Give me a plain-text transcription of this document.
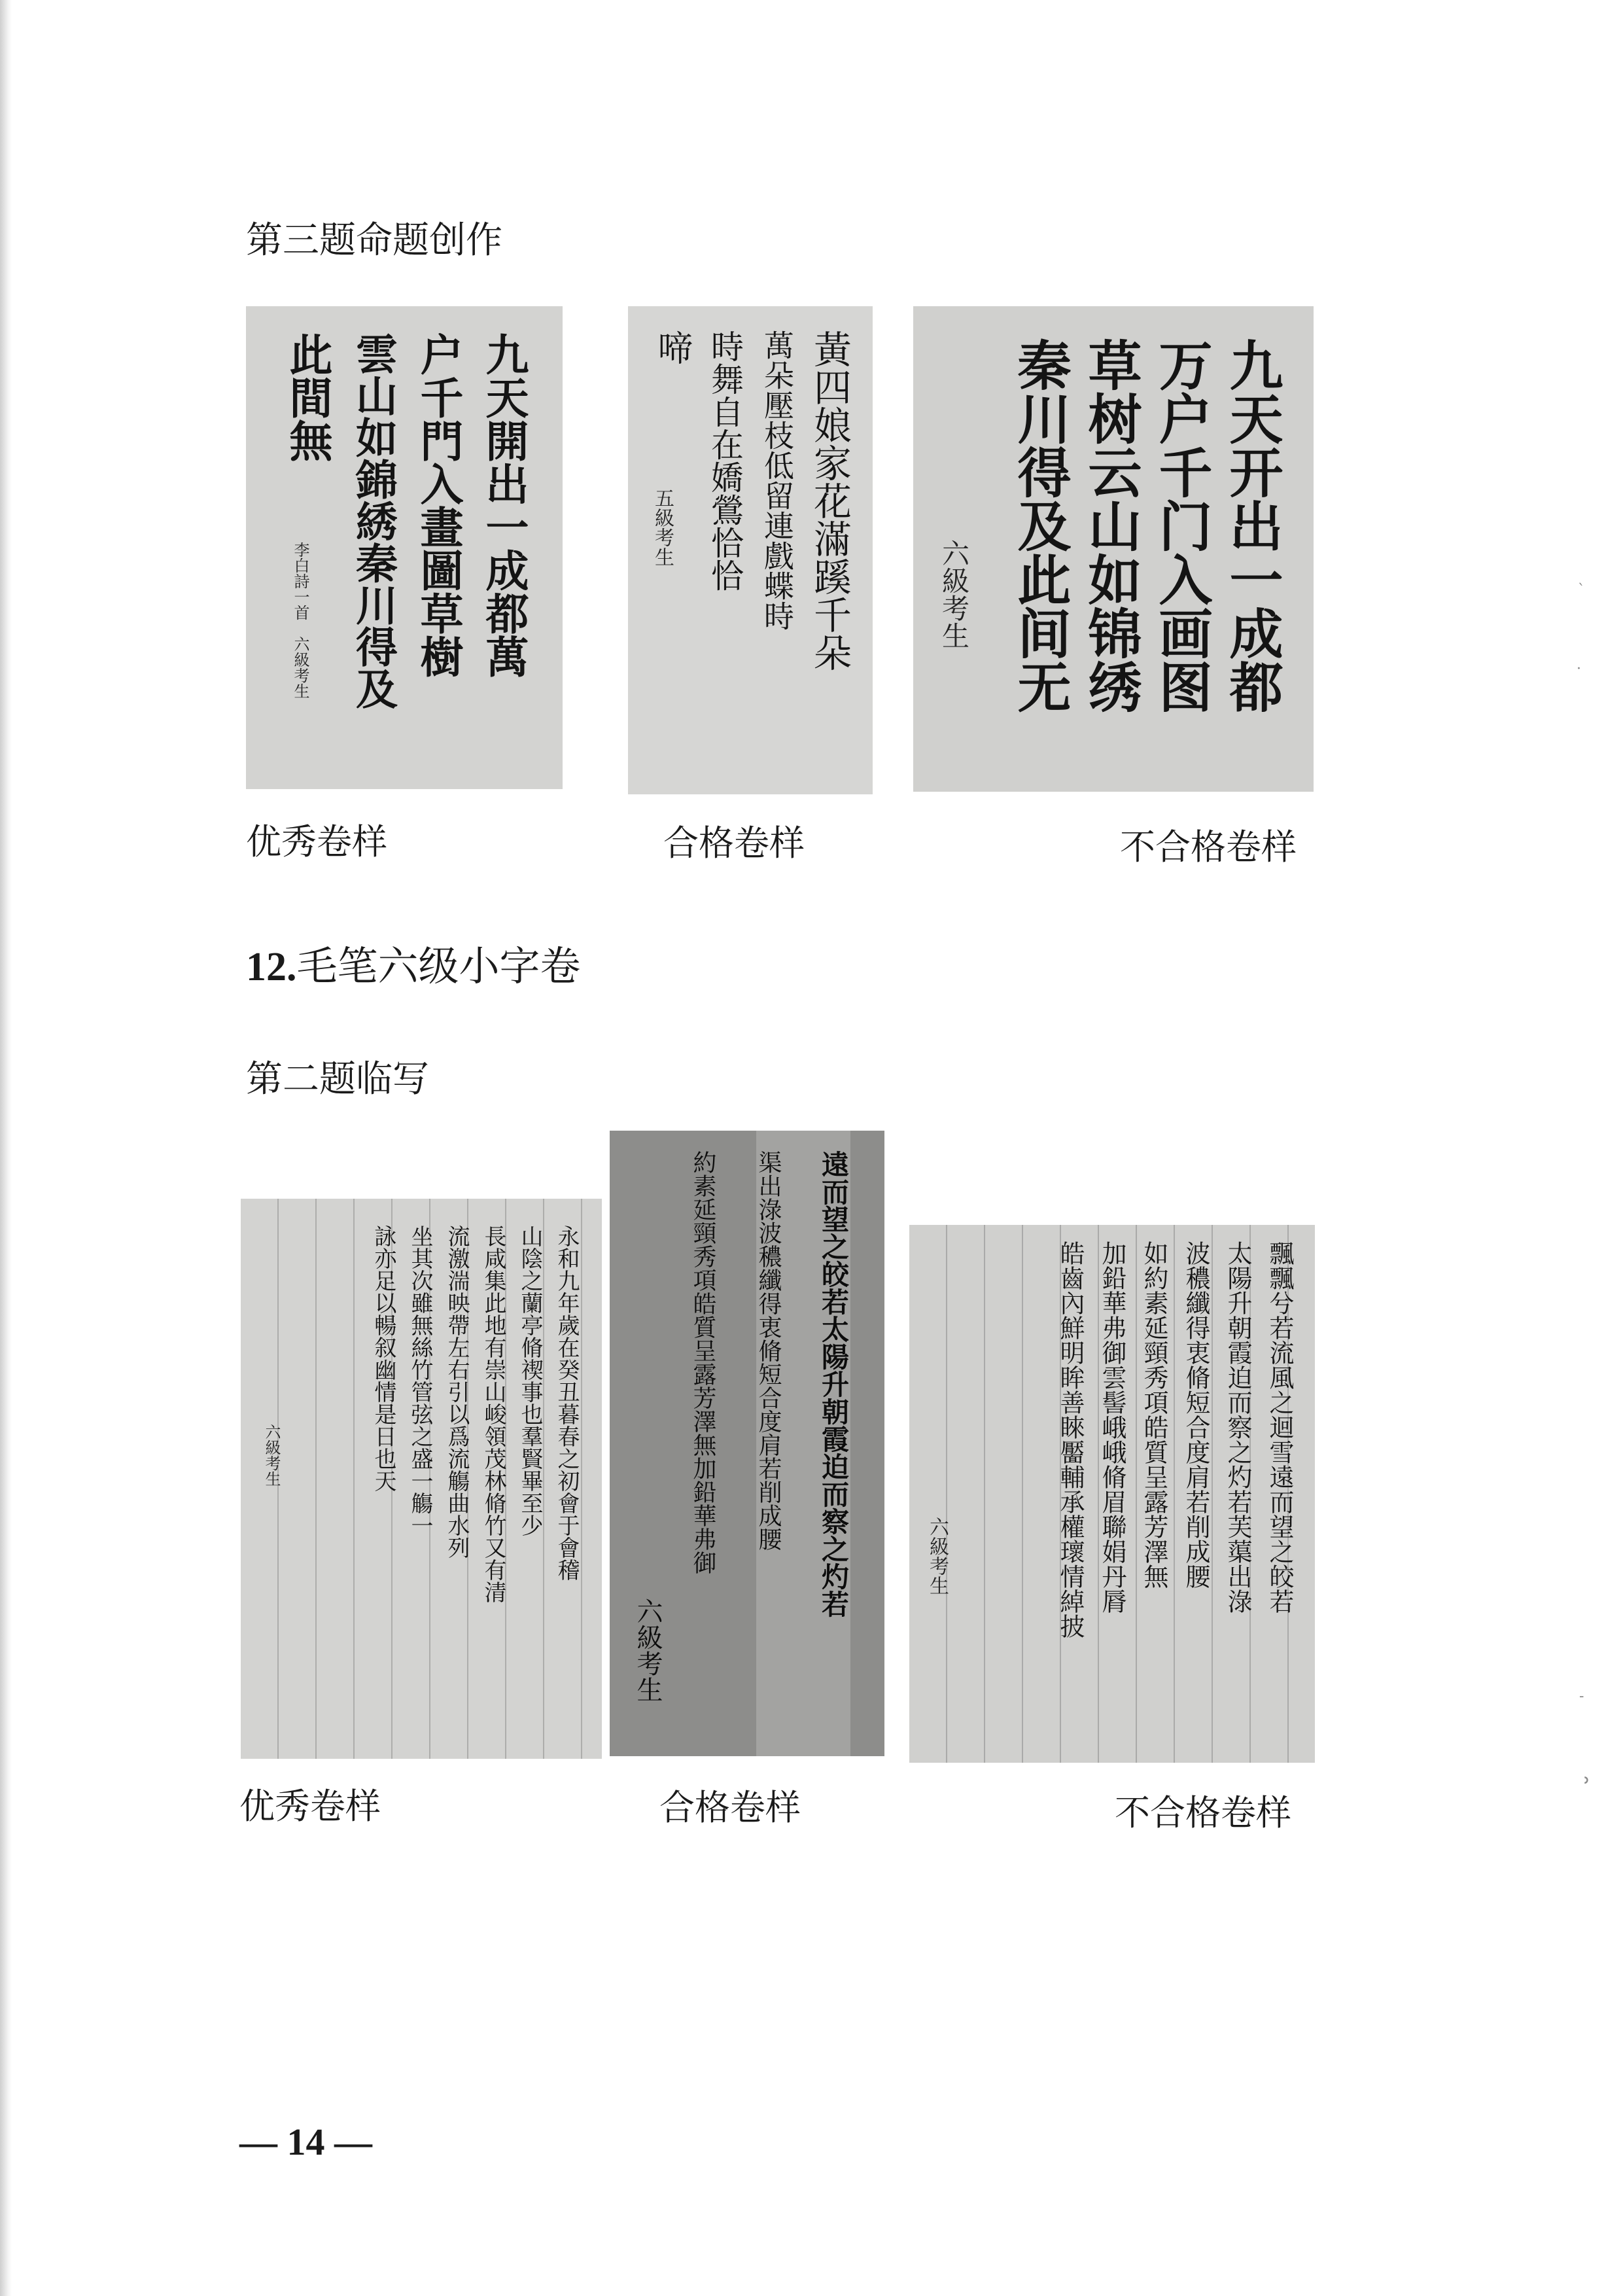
第三题命题创作
九天開出一成都萬
户千門入畫圖草樹
雲山如錦綉秦川得及
此間無
李白詩一首　六級考生	黃四娘家花滿蹊千朵
萬朵壓枝低留連戲蝶時
時舞自在嬌鶯恰恰
啼
五級考生	九天开出一成都
万户千门入画图
草树云山如锦绣
秦川得及此间无
六級考生
优秀卷样	合格卷样	不合格卷样
12.毛笔六级小字卷
第二题临写
永和九年歲在癸丑暮春之初會于會稽
山陰之蘭亭脩禊事也羣賢畢至少
長咸集此地有崇山峻領茂林脩竹又有清
流激湍映帶左右引以爲流觴曲水列
坐其次雖無絲竹管弦之盛一觴一
詠亦足以暢叙幽情是日也天
六級考生	遠而望之皎若太陽升朝霞迫而察之灼若
渠出淥波穠纖得衷脩短合度肩若削成腰
約素延頸秀項皓質呈露芳澤無加鉛華弗御
六級考生
飄飄兮若流風之迴雪遠而望之皎若
太陽升朝霞迫而察之灼若芙蕖出淥
波穠纖得衷脩短合度肩若削成腰
如約素延頸秀項皓質呈露芳澤無
加鉛華弗御雲髻峨峨脩眉聯娟丹脣
皓齒內鮮明眸善睞靨輔承權瓌情綽披
六級考生
优秀卷样	合格卷样	不合格卷样
— 14 —
ˋ
·
-
˒
